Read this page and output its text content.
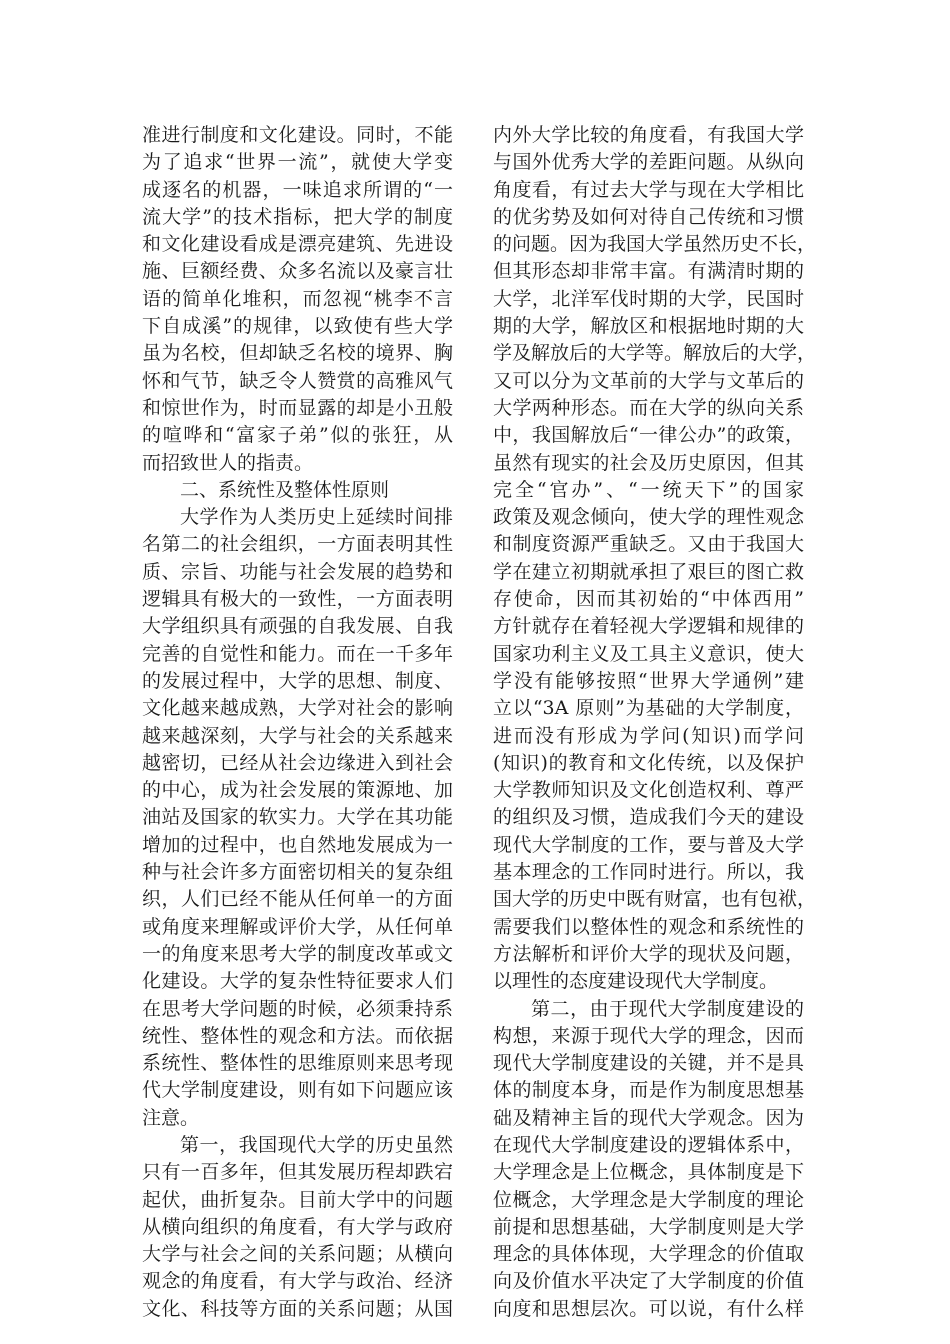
准进行制度和文化建设。同时，不能
为了追求“世界一流”，就使大学变
成逐名的机器，一味追求所谓的“一
流大学”的技术指标，把大学的制度
和文化建设看成是漂亮建筑、先进设
施、巨额经费、众多名流以及豪言壮
语的简单化堆积，而忽视“桃李不言
下自成溪”的规律，以致使有些大学
虽为名校，但却缺乏名校的境界、胸
怀和气节，缺乏令人赞赏的高雅风气
和惊世作为，时而显露的却是小丑般
的喧哗和“富家子弟”似的张狂，从
而招致世人的指责。
二、系统性及整体性原则
大学作为人类历史上延续时间排
名第二的社会组织，一方面表明其性
质、宗旨、功能与社会发展的趋势和
逻辑具有极大的一致性，一方面表明
大学组织具有顽强的自我发展、自我
完善的自觉性和能力。而在一千多年
的发展过程中，大学的思想、制度、
文化越来越成熟，大学对社会的影响
越来越深刻，大学与社会的关系越来
越密切，已经从社会边缘进入到社会
的中心，成为社会发展的策源地、加
油站及国家的软实力。大学在其功能
增加的过程中，也自然地发展成为一
种与社会许多方面密切相关的复杂组
织，人们已经不能从任何单一的方面
或角度来理解或评价大学，从任何单
一的角度来思考大学的制度改革或文
化建设。大学的复杂性特征要求人们
在思考大学问题的时候，必须秉持系
统性、整体性的观念和方法。而依据
系统性、整体性的思维原则来思考现
代大学制度建设，则有如下问题应该
注意。
第一，我国现代大学的历史虽然
只有一百多年，但其发展历程却跌宕
起伏，曲折复杂。目前大学中的问题
从横向组织的角度看，有大学与政府
大学与社会之间的关系问题；从横向
观念的角度看，有大学与政治、经济
文化、科技等方面的关系问题；从国
内外大学比较的角度看，有我国大学
与国外优秀大学的差距问题。从纵向
角度看，有过去大学与现在大学相比
的优劣势及如何对待自己传统和习惯
的问题。因为我国大学虽然历史不长，
但其形态却非常丰富。有满清时期的
大学，北洋军伐时期的大学，民国时
期的大学，解放区和根据地时期的大
学及解放后的大学等。解放后的大学，
又可以分为文革前的大学与文革后的
大学两种形态。而在大学的纵向关系
中，我国解放后“一律公办”的政策，
虽然有现实的社会及历史原因，但其
完全“官办”、“一统天下”的国家
政策及观念倾向，使大学的理性观念
和制度资源严重缺乏。又由于我国大
学在建立初期就承担了艰巨的图亡救
存使命，因而其初始的“中体西用”
方针就存在着轻视大学逻辑和规律的
国家功利主义及工具主义意识，使大
学没有能够按照“世界大学通例”建
立以“3A 原则”为基础的大学制度，
进而没有形成为学问(知识)而学问
(知识)的教育和文化传统，以及保护
大学教师知识及文化创造权利、尊严
的组织及习惯，造成我们今天的建设
现代大学制度的工作，要与普及大学
基本理念的工作同时进行。所以，我
国大学的历史中既有财富，也有包袱，
需要我们以整体性的观念和系统性的
方法解析和评价大学的现状及问题，
以理性的态度建设现代大学制度。
第二，由于现代大学制度建设的
构想，来源于现代大学的理念，因而
现代大学制度建设的关键，并不是具
体的制度本身，而是作为制度思想基
础及精神主旨的现代大学观念。因为
在现代大学制度建设的逻辑体系中，
大学理念是上位概念，具体制度是下
位概念，大学理念是大学制度的理论
前提和思想基础，大学制度则是大学
理念的具体体现，大学理念的价值取
向及价值水平决定了大学制度的价值
向度和思想层次。可以说，有什么样
